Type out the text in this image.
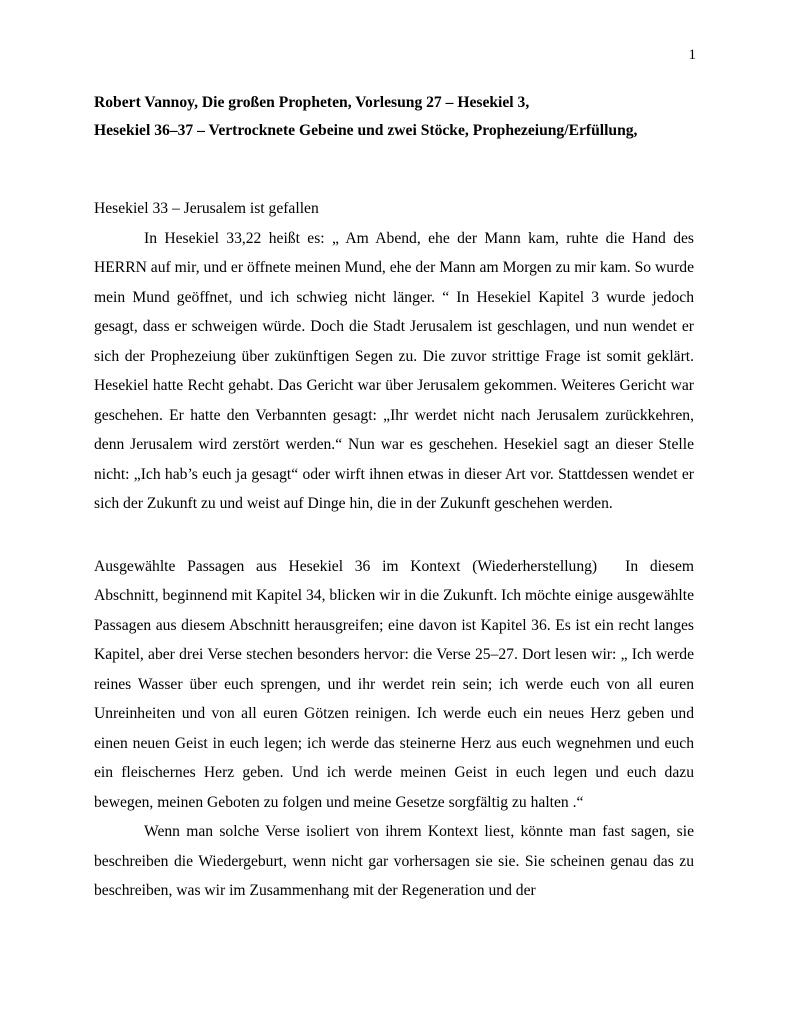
1

Robert Vannoy, Die großen Propheten, Vorlesung 27 – Hesekiel 3,

Hesekiel 36–37 – Vertrocknete Gebeine und zwei Stöcke, Prophezeiung/Erfüllung,

Hesekiel 33 – Jerusalem ist gefallen

In Hesekiel 33,22 heißt es: „ Am Abend, ehe der Mann kam, ruhte die Hand des HERRN auf mir, und er öffnete meinen Mund, ehe der Mann am Morgen zu mir kam. So wurde mein Mund geöffnet, und ich schwieg nicht länger. “ In Hesekiel Kapitel 3 wurde jedoch gesagt, dass er schweigen würde. Doch die Stadt Jerusalem ist geschlagen, und nun wendet er sich der Prophezeiung über zukünftigen Segen zu. Die zuvor strittige Frage ist somit geklärt. Hesekiel hatte Recht gehabt. Das Gericht war über Jerusalem gekommen. Weiteres Gericht war geschehen. Er hatte den Verbannten gesagt: „Ihr werdet nicht nach Jerusalem zurückkehren, denn Jerusalem wird zerstört werden.“ Nun war es geschehen. Hesekiel sagt an dieser Stelle nicht: „Ich hab’s euch ja gesagt“ oder wirft ihnen etwas in dieser Art vor. Stattdessen wendet er sich der Zukunft zu und weist auf Dinge hin, die in der Zukunft geschehen werden.

Ausgewählte Passagen aus Hesekiel 36 im Kontext (Wiederherstellung) In diesem Abschnitt, beginnend mit Kapitel 34, blicken wir in die Zukunft. Ich möchte einige ausgewählte Passagen aus diesem Abschnitt herausgreifen; eine davon ist Kapitel 36. Es ist ein recht langes Kapitel, aber drei Verse stechen besonders hervor: die Verse 25–27. Dort lesen wir: „ Ich werde reines Wasser über euch sprengen, und ihr werdet rein sein; ich werde euch von all euren Unreinheiten und von all euren Götzen reinigen. Ich werde euch ein neues Herz geben und einen neuen Geist in euch legen; ich werde das steinerne Herz aus euch wegnehmen und euch ein fleischernes Herz geben. Und ich werde meinen Geist in euch legen und euch dazu bewegen, meinen Geboten zu folgen und meine Gesetze sorgfältig zu halten .“

Wenn man solche Verse isoliert von ihrem Kontext liest, könnte man fast sagen, sie beschreiben die Wiedergeburt, wenn nicht gar vorhersagen sie sie. Sie scheinen genau das zu beschreiben, was wir im Zusammenhang mit der Regeneration und der
